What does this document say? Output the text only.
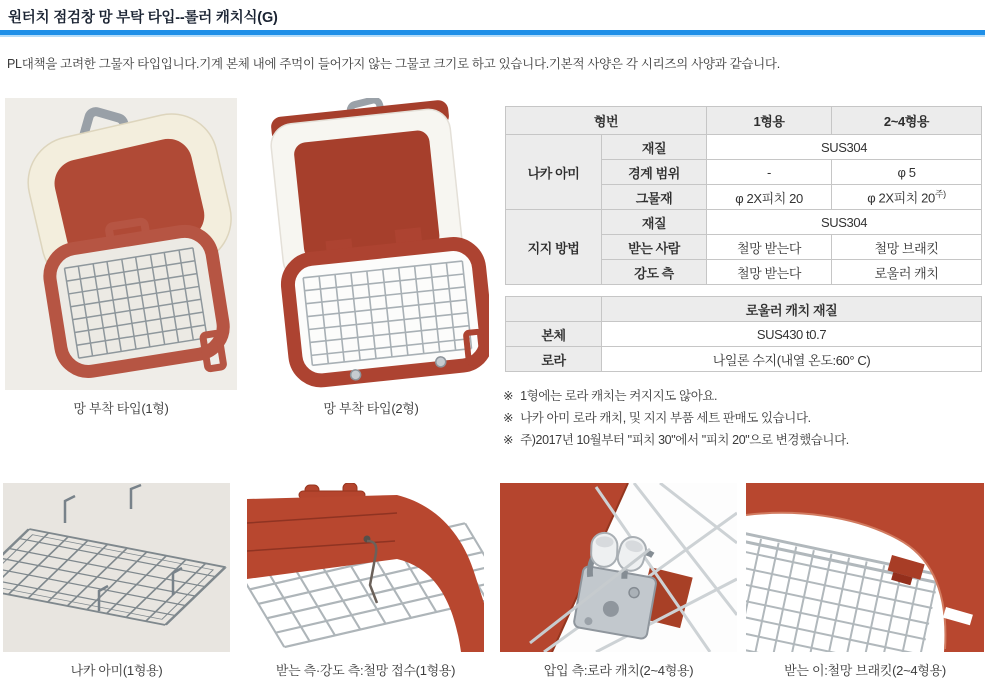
원터치 점검창 망 부탁 타입--롤러 캐치식(G)
PL대책을 고려한 그물자 타입입니다.기계 본체 내에 주먹이 들어가지 않는 그물코 크기로 하고 있습니다.기본적 사양은 각 시리즈의 사양과 같습니다.
망 부착 타입(1형)	망 부착 타입(2형)
형번		1형용	2~4형용
나카 아미	재질	SUS304	
	경계 범위	-	φ 5
	그물재	φ 2X피치 20	φ 2X피치 $20^{주)}$
지지 방법	재질	SUS304	
	받는 사람	철망 받는다	철망 브래킷
	강도 측	철망 받는다	로울러 캐치
	로울러 캐치 재질
본체	SUS430 t0.7
로라	나일론 수지(내열 온도:60° C)
※ 1형에는 로라 캐치는 켜지지도 않아요.
※ 나카 아미 로라 캐치, 및 지지 부품 세트 판매도 있습니다.
※ 주)2017년 10월부터 "피치 30"에서 "피치 20"으로 변경했습니다.
나카 아미(1형용)	받는 측·강도 측:철망 접수(1형용)	압입 측:로라 캐치(2~4형용)	받는 이:철망 브래킷(2~4형용)
